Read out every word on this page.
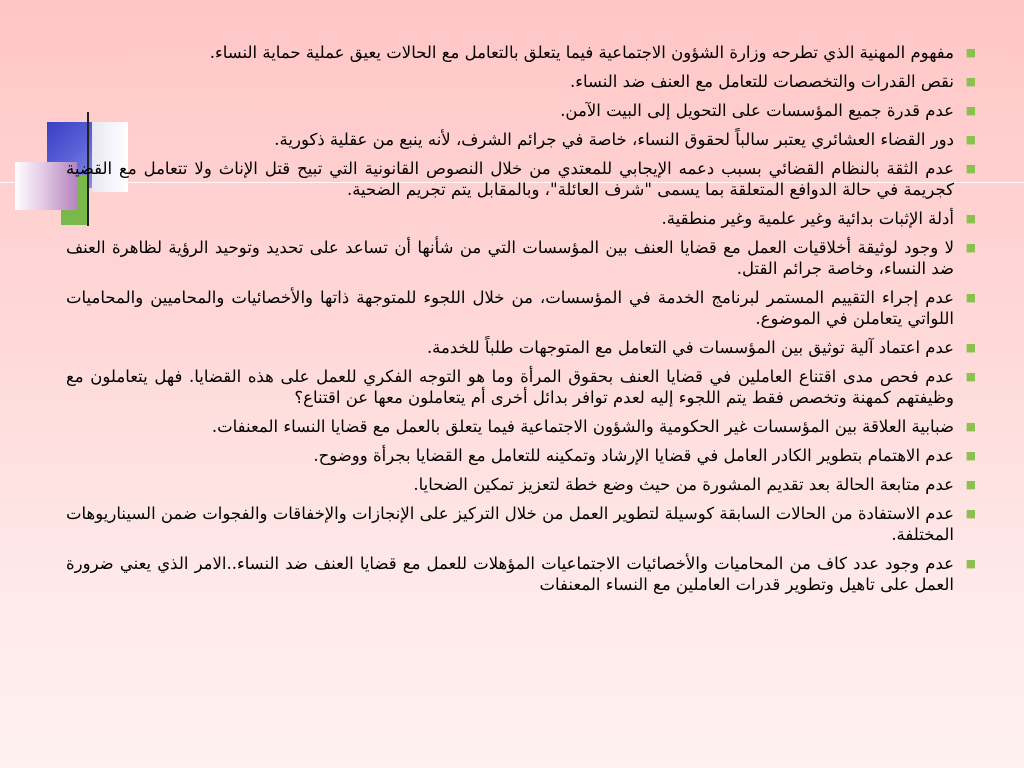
■
مفهوم المهنية الذي تطرحه وزارة الشؤون الاجتماعية فيما يتعلق بالتعامل مع الحالات يعيق عملية حماية النساء.
■
نقص القدرات والتخصصات للتعامل مع العنف ضد النساء.
■
عدم قدرة جميع المؤسسات على التحويل إلى البيت الآمن.
■
دور القضاء العشائري يعتبر سالباً لحقوق النساء، خاصة في جرائم الشرف، لأنه ينبع من عقلية ذكورية.
■
عدم الثقة بالنظام القضائي بسبب دعمه الإيجابي للمعتدي من خلال النصوص القانونية التي تبيح قتل الإناث ولا تتعامل مع القضية كجريمة في حالة الدوافع المتعلقة بما يسمى "شرف العائلة"، وبالمقابل يتم تجريم الضحية.
■
أدلة الإثبات بدائية وغير علمية وغير منطقية.
■
لا وجود لوثيقة أخلاقيات العمل مع قضايا العنف بين المؤسسات التي من شأنها أن تساعد على تحديد وتوحيد الرؤية لظاهرة العنف ضد النساء، وخاصة جرائم القتل.
■
عدم إجراء التقييم المستمر لبرنامج الخدمة في المؤسسات، من خلال اللجوء للمتوجهة ذاتها والأخصائيات والمحاميين والمحاميات اللواتي يتعاملن في الموضوع.
■
عدم اعتماد آلية توثيق بين المؤسسات في التعامل مع المتوجهات طلباً للخدمة.
■
عدم فحص مدى اقتناع العاملين في قضايا العنف بحقوق المرأة وما هو التوجه الفكري للعمل على هذه القضايا. فهل يتعاملون مع وظيفتهم كمهنة وتخصص فقط يتم اللجوء إليه لعدم توافر بدائل أخرى أم يتعاملون معها عن اقتناع؟
■
ضبابية العلاقة بين المؤسسات غير الحكومية والشؤون الاجتماعية فيما يتعلق بالعمل مع قضايا النساء المعنفات.
■
عدم الاهتمام بتطوير الكادر العامل في قضايا الإرشاد وتمكينه للتعامل مع القضايا بجرأة ووضوح.
■
عدم متابعة الحالة بعد تقديم المشورة من حيث وضع خطة لتعزيز تمكين الضحايا.
■
عدم الاستفادة من الحالات السابقة كوسيلة لتطوير العمل من خلال التركيز على الإنجازات والإخفاقات والفجوات ضمن السيناريوهات المختلفة.
■
عدم وجود عدد كاف من المحاميات والأخصائيات الاجتماعيات المؤهلات للعمل مع قضايا العنف ضد النساء..الامر الذي يعني ضرورة العمل على تاهيل وتطوير قدرات العاملين مع النساء المعنفات
